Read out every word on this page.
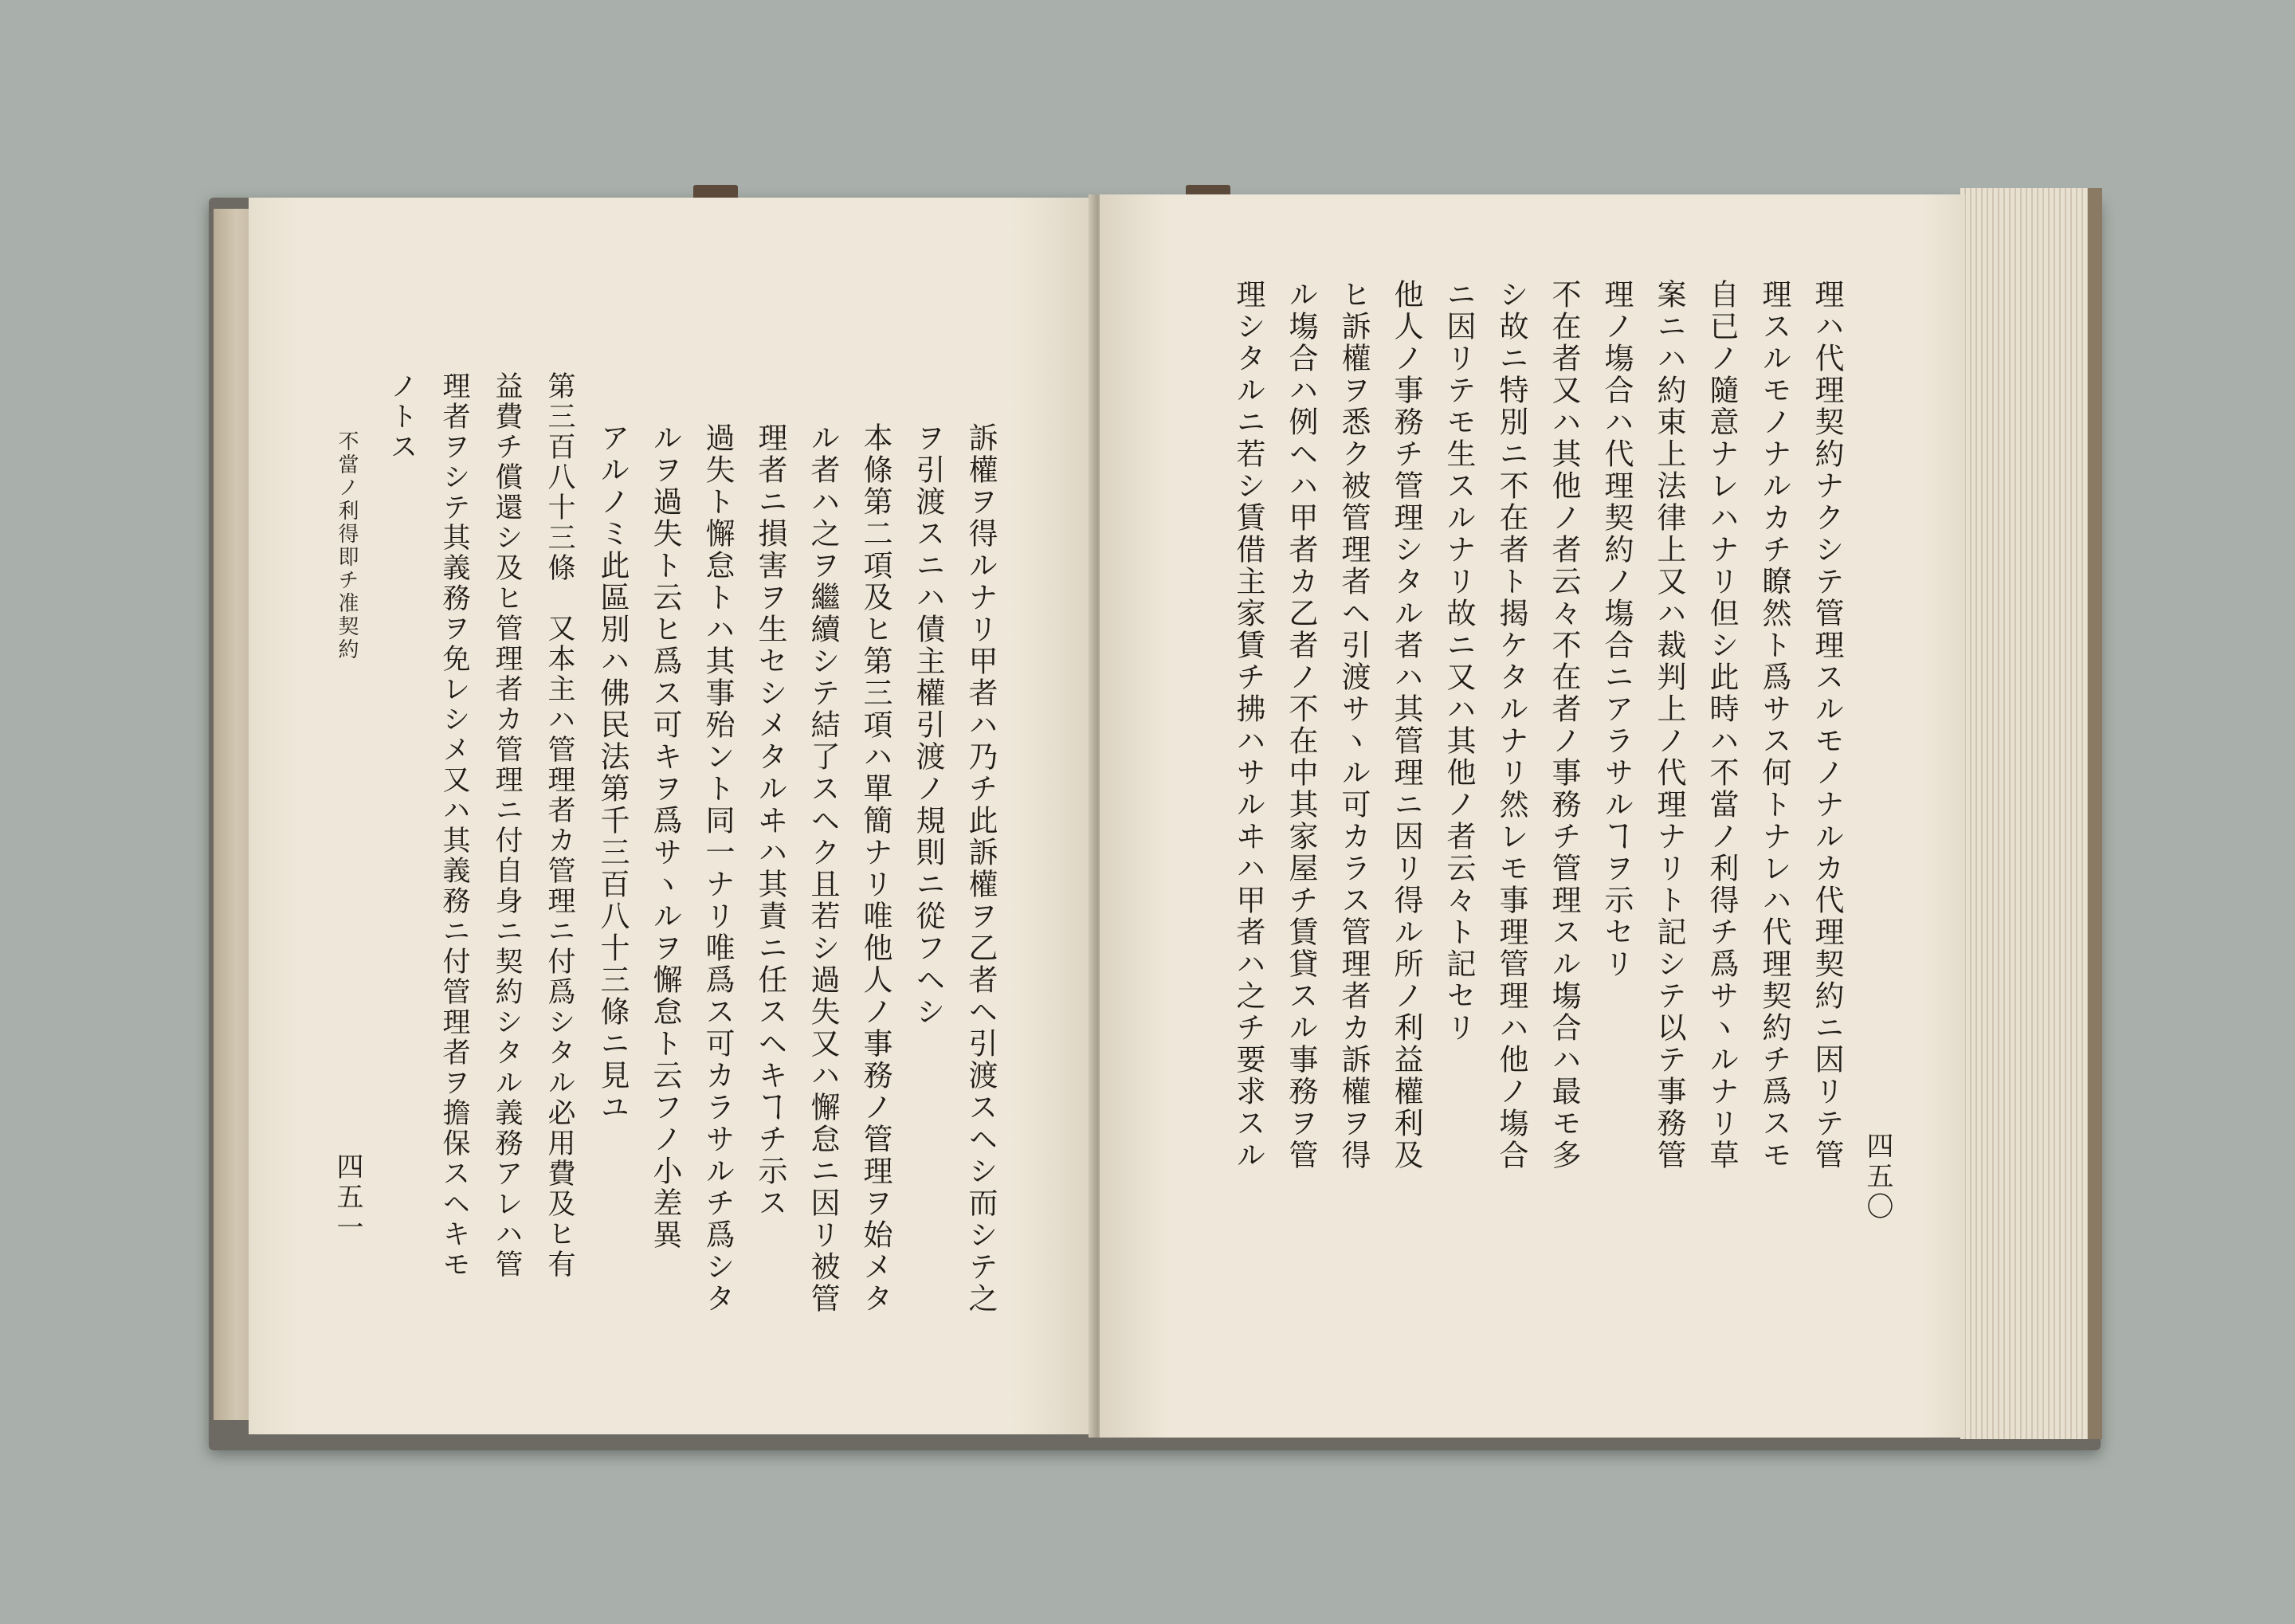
訴權ヲ得ルナリ甲者ハ乃チ此訴權ヲ乙者ヘ引渡スヘシ而シテ之
ヲ引渡スニハ債主權引渡ノ規則ニ從フヘシ
本條第二項及ヒ第三項ハ單簡ナリ唯他人ノ事務ノ管理ヲ始メタ
ル者ハ之ヲ繼續シテ結了スヘク且若シ過失又ハ懈怠ニ因リ被管
理者ニ損害ヲ生セシメタルヰハ其責ニ任スヘキヿチ示ス
過失ト懈怠トハ其事殆ント同一ナリ唯爲ス可カラサルチ爲シタ
ルヲ過失ト云ヒ爲ス可キヲ爲サヽルヲ懈怠ト云フノ小差異
アルノミ此區別ハ佛民法第千三百八十三條ニ見ユ
第三百八十三條　又本主ハ管理者カ管理ニ付爲シタル必用費及ヒ有
益費チ償還シ及ヒ管理者カ管理ニ付自身ニ契約シタル義務アレハ管
理者ヲシテ其義務ヲ免レシメ又ハ其義務ニ付管理者ヲ擔保スヘキモ
ノトス
不當ノ利得即チ准契約
四五一
理ハ代理契約ナクシテ管理スルモノナルカ代理契約ニ因リテ管
理スルモノナルカチ瞭然ト爲サス何トナレハ代理契約チ爲スモ
自已ノ隨意ナレハナリ但シ此時ハ不當ノ利得チ爲サヽルナリ草
案ニハ約束上法律上又ハ裁判上ノ代理ナリト記シテ以テ事務管
理ノ塲合ハ代理契約ノ塲合ニアラサルヿヲ示セリ
不在者又ハ其他ノ者云々不在者ノ事務チ管理スル塲合ハ最モ多
シ故ニ特別ニ不在者ト揭ケタルナリ然レモ事理管理ハ他ノ塲合
ニ因リテモ生スルナリ故ニ又ハ其他ノ者云々ト記セリ
他人ノ事務チ管理シタル者ハ其管理ニ因リ得ル所ノ利益權利及
ヒ訴權ヲ悉ク被管理者ヘ引渡サヽル可カラス管理者カ訴權ヲ得
ル塲合ハ例ヘハ甲者カ乙者ノ不在中其家屋チ賃貸スル事務ヲ管
理シタルニ若シ賃借主家賃チ拂ハサルヰハ甲者ハ之チ要求スル
四五〇
